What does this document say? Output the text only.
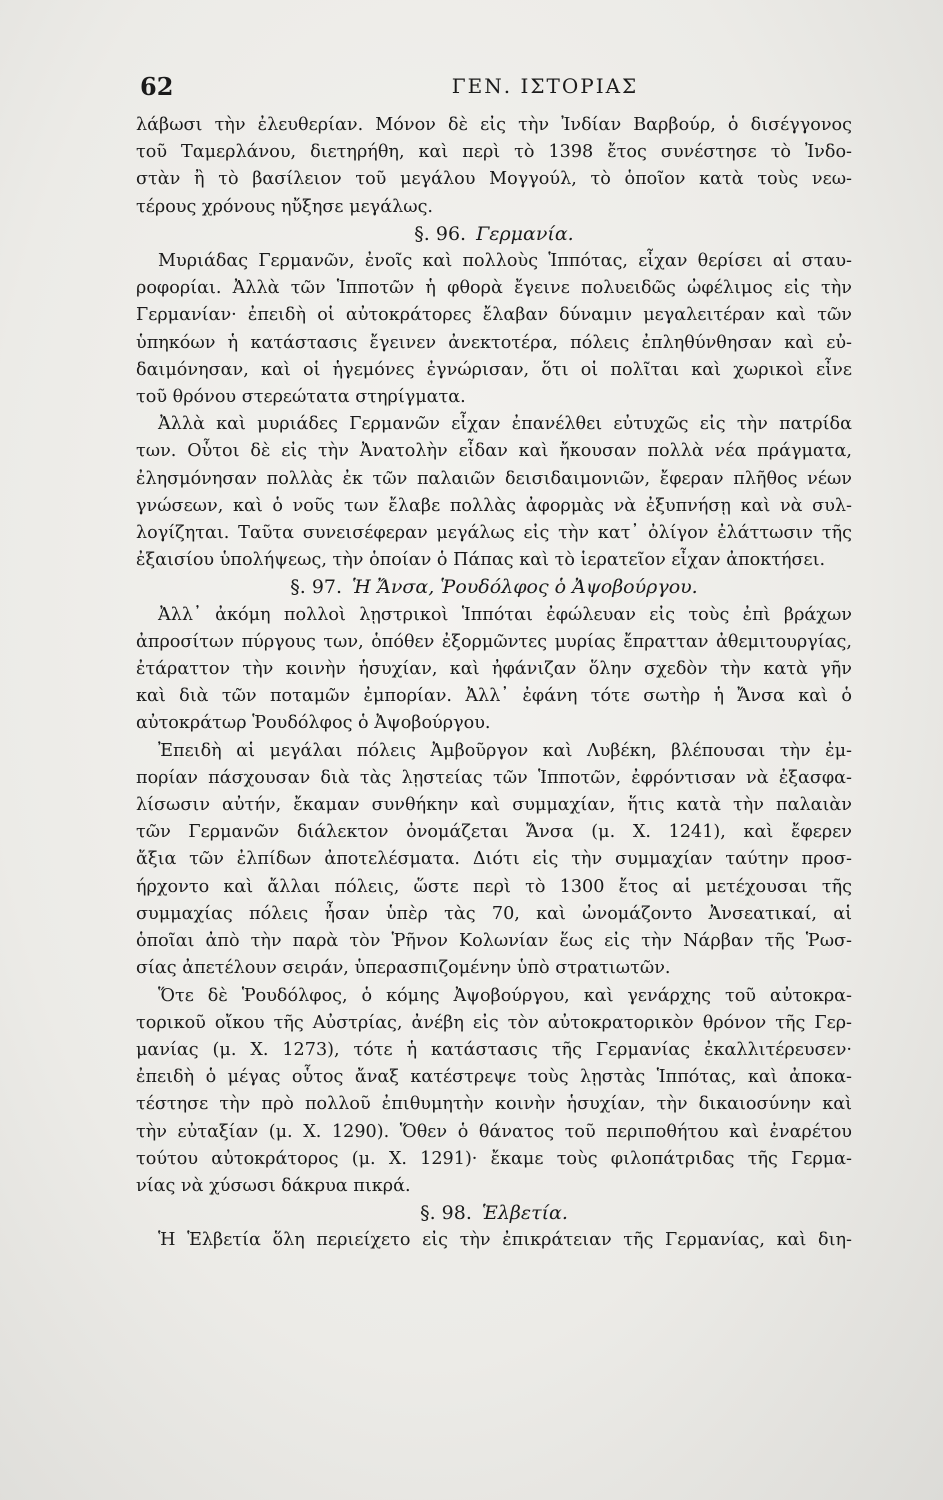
62	ΓΕΝ. ΙΣΤΟΡΙΑΣ
λάβωσι τὴν ἐλευθερίαν. Μόνον δὲ εἰς τὴν Ἰνδίαν Βαρβούρ, ὁ δισέγγονος
τοῦ Ταμερλάνου, διετηρήθη, καὶ περὶ τὸ 1398 ἔτος συνέστησε τὸ Ἰνδο-
στὰν ἢ τὸ βασίλειον τοῦ μεγάλου Μογγούλ, τὸ ὁποῖον κατὰ τοὺς νεω-
τέρους χρόνους ηὔξησε μεγάλως.
§. 96. Γερμανία.
Μυριάδας Γερμανῶν, ἐνοῖς καὶ πολλοὺς Ἱππότας, εἶχαν θερίσει αἱ σταυ-
ροφορίαι. Ἀλλὰ τῶν Ἱπποτῶν ἡ φθορὰ ἔγεινε πολυειδῶς ὠφέλιμος εἰς τὴν
Γερμανίαν· ἐπειδὴ οἱ αὐτοκράτορες ἔλαβαν δύναμιν μεγαλειτέραν καὶ τῶν
ὑπηκόων ἡ κατάστασις ἔγεινεν ἀνεκτοτέρα, πόλεις ἐπληθύνθησαν καὶ εὐ-
δαιμόνησαν, καὶ οἱ ἡγεμόνες ἐγνώρισαν, ὅτι οἱ πολῖται καὶ χωρικοὶ εἶνε
τοῦ θρόνου στερεώτατα στηρίγματα.
Ἀλλὰ καὶ μυριάδες Γερμανῶν εἶχαν ἐπανέλθει εὐτυχῶς εἰς τὴν πατρίδα
των. Οὗτοι δὲ εἰς τὴν Ἀνατολὴν εἶδαν καὶ ἤκουσαν πολλὰ νέα πράγματα,
ἐλησμόνησαν πολλὰς ἐκ τῶν παλαιῶν δεισιδαιμονιῶν, ἔφεραν πλῆθος νέων
γνώσεων, καὶ ὁ νοῦς των ἔλαβε πολλὰς ἀφορμὰς νὰ ἐξυπνήσῃ καὶ νὰ συλ-
λογίζηται. Ταῦτα συνεισέφεραν μεγάλως εἰς τὴν κατ᾽ ὀλίγον ἐλάττωσιν τῆς
ἐξαισίου ὑπολήψεως, τὴν ὁποίαν ὁ Πάπας καὶ τὸ ἱερατεῖον εἶχαν ἀποκτήσει.
§. 97. Ἡ Ἄνσα, Ῥουδόλφος ὁ Ἀψοβούργου.
Ἀλλ᾽ ἀκόμη πολλοὶ λῃστρικοὶ Ἱππόται ἐφώλευαν εἰς τοὺς ἐπὶ βράχων
ἀπροσίτων πύργους των, ὁπόθεν ἐξορμῶντες μυρίας ἔπρατταν ἀθεμιτουργίας,
ἐτάραττον τὴν κοινὴν ἡσυχίαν, καὶ ἠφάνιζαν ὅλην σχεδὸν τὴν κατὰ γῆν
καὶ διὰ τῶν ποταμῶν ἐμπορίαν. Ἀλλ᾽ ἐφάνη τότε σωτὴρ ἡ Ἄνσα καὶ ὁ
αὐτοκράτωρ Ῥουδόλφος ὁ Ἀψοβούργου.
Ἐπειδὴ αἱ μεγάλαι πόλεις Ἀμβοῦργον καὶ Λυβέκη, βλέπουσαι τὴν ἐμ-
πορίαν πάσχουσαν διὰ τὰς λῃστείας τῶν Ἱπποτῶν, ἐφρόντισαν νὰ ἐξασφα-
λίσωσιν αὐτήν, ἔκαμαν συνθήκην καὶ συμμαχίαν, ἥτις κατὰ τὴν παλαιὰν
τῶν Γερμανῶν διάλεκτον ὀνομάζεται Ἄνσα (μ. Χ. 1241), καὶ ἔφερεν
ἄξια τῶν ἐλπίδων ἀποτελέσματα. Διότι εἰς τὴν συμμαχίαν ταύτην προσ-
ήρχοντο καὶ ἄλλαι πόλεις, ὥστε περὶ τὸ 1300 ἔτος αἱ μετέχουσαι τῆς
συμμαχίας πόλεις ἦσαν ὑπὲρ τὰς 70, καὶ ὠνομάζοντο Ἀνσεατικαί, αἱ
ὁποῖαι ἀπὸ τὴν παρὰ τὸν Ῥῆνον Κολωνίαν ἕως εἰς τὴν Νάρβαν τῆς Ῥωσ-
σίας ἀπετέλουν σειράν, ὑπερασπιζομένην ὑπὸ στρατιωτῶν.
Ὅτε δὲ Ῥουδόλφος, ὁ κόμης Ἀψοβούργου, καὶ γενάρχης τοῦ αὐτοκρα-
τορικοῦ οἴκου τῆς Αὐστρίας, ἀνέβη εἰς τὸν αὐτοκρατορικὸν θρόνον τῆς Γερ-
μανίας (μ. Χ. 1273), τότε ἡ κατάστασις τῆς Γερμανίας ἐκαλλιτέρευσεν·
ἐπειδὴ ὁ μέγας οὗτος ἄναξ κατέστρεψε τοὺς λῃστὰς Ἱππότας, καὶ ἀποκα-
τέστησε τὴν πρὸ πολλοῦ ἐπιθυμητὴν κοινὴν ἡσυχίαν, τὴν δικαιοσύνην καὶ
τὴν εὐταξίαν (μ. Χ. 1290). Ὅθεν ὁ θάνατος τοῦ περιποθήτου καὶ ἐναρέτου
τούτου αὐτοκράτορος (μ. Χ. 1291)· ἔκαμε τοὺς φιλοπάτριδας τῆς Γερμα-
νίας νὰ χύσωσι δάκρυα πικρά.
§. 98. Ἑλβετία.
Ἡ Ἑλβετία ὅλη περιείχετο εἰς τὴν ἐπικράτειαν τῆς Γερμανίας, καὶ διη-
